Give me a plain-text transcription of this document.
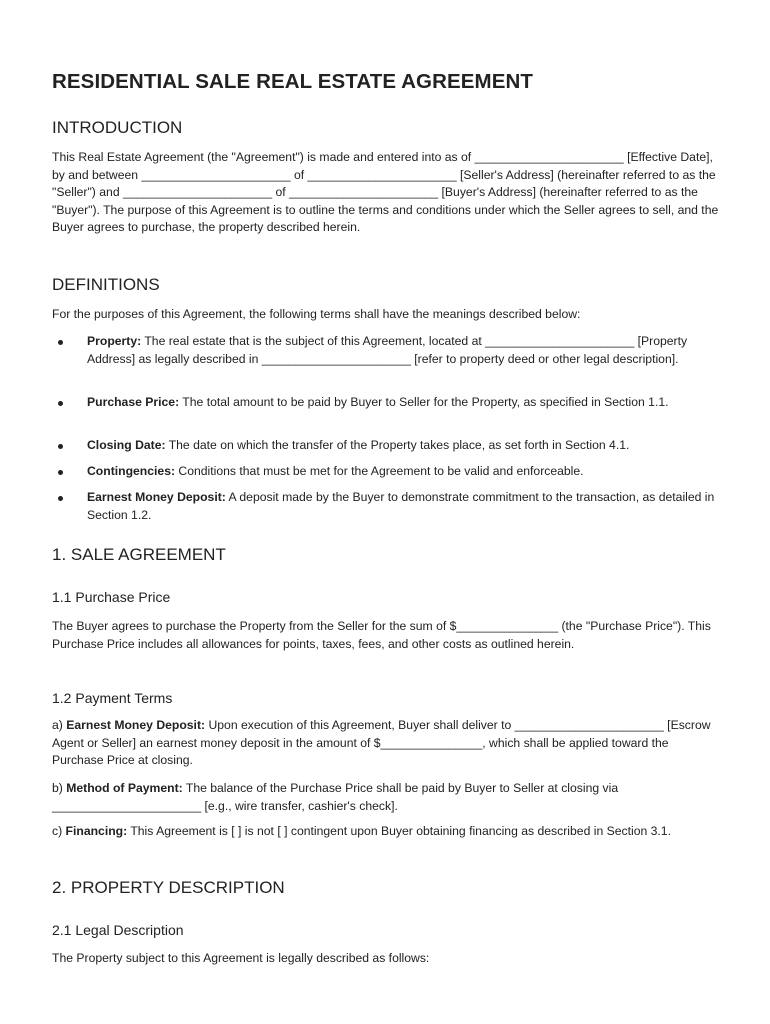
RESIDENTIAL SALE REAL ESTATE AGREEMENT
INTRODUCTION

This Real Estate Agreement (the "Agreement") is made and entered into as of ______________________ [Effective Date], by and between ______________________ of ______________________ [Seller's Address] (hereinafter referred to as the "Seller") and ______________________ of ______________________ [Buyer's Address] (hereinafter referred to as the "Buyer"). The purpose of this Agreement is to outline the terms and conditions under which the Seller agrees to sell, and the Buyer agrees to purchase, the property described herein.

DEFINITIONS

For the purposes of this Agreement, the following terms shall have the meanings described below:

Property: The real estate that is the subject of this Agreement, located at ______________________ [Property Address] as legally described in ______________________ [refer to property deed or other legal description].
Purchase Price: The total amount to be paid by Buyer to Seller for the Property, as specified in Section 1.1.
Closing Date: The date on which the transfer of the Property takes place, as set forth in Section 4.1.
Contingencies: Conditions that must be met for the Agreement to be valid and enforceable.
Earnest Money Deposit: A deposit made by the Buyer to demonstrate commitment to the transaction, as detailed in Section 1.2.
1. SALE AGREEMENT
1.1 Purchase Price

The Buyer agrees to purchase the Property from the Seller for the sum of $_______________ (the "Purchase Price"). This Purchase Price includes all allowances for points, taxes, fees, and other costs as outlined herein.

1.2 Payment Terms

a) Earnest Money Deposit: Upon execution of this Agreement, Buyer shall deliver to ______________________ [Escrow Agent or Seller] an earnest money deposit in the amount of $_______________, which shall be applied toward the Purchase Price at closing.

b) Method of Payment: The balance of the Purchase Price shall be paid by Buyer to Seller at closing via ______________________ [e.g., wire transfer, cashier's check].

c) Financing: This Agreement is [ ] is not [ ] contingent upon Buyer obtaining financing as described in Section 3.1.

2. PROPERTY DESCRIPTION
2.1 Legal Description

The Property subject to this Agreement is legally described as follows:
